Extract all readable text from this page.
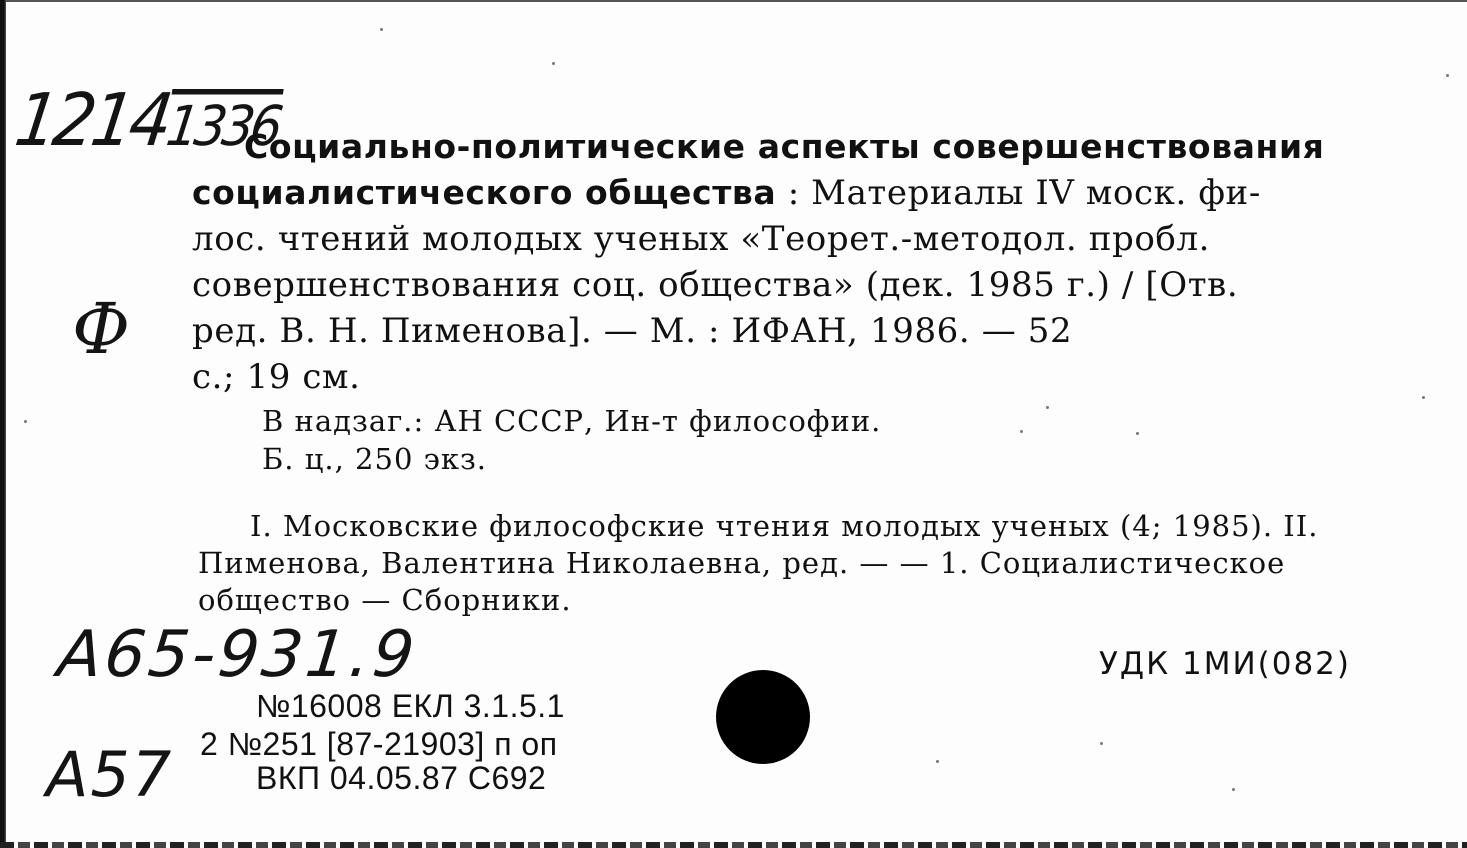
12141336
Ф
А65-931.9
А57
Социально-политические аспекты совершенствования
социалистического общества : Материалы IV моск. фи-
лос. чтений молодых ученых «Теорет.-методол. пробл.
совершенствования соц. общества» (дек. 1985 г.) / [Отв.
ред. В. Н. Пименова]. — М. : ИФАН, 1986. — 52
с.; 19 см.
В надзаг.: АН СССР, Ин-т философии.
Б. ц., 250 экз.
I. Московские философские чтения молодых ученых (4; 1985). II.
Пименова, Валентина Николаевна, ред. — — 1. Социалистическое
общество — Сборники.
УДК 1МИ(082)
№16008 ЕКЛ 3.1.5.1
2 №251 [87-21903] п оп
ВКП 04.05.87 С692
